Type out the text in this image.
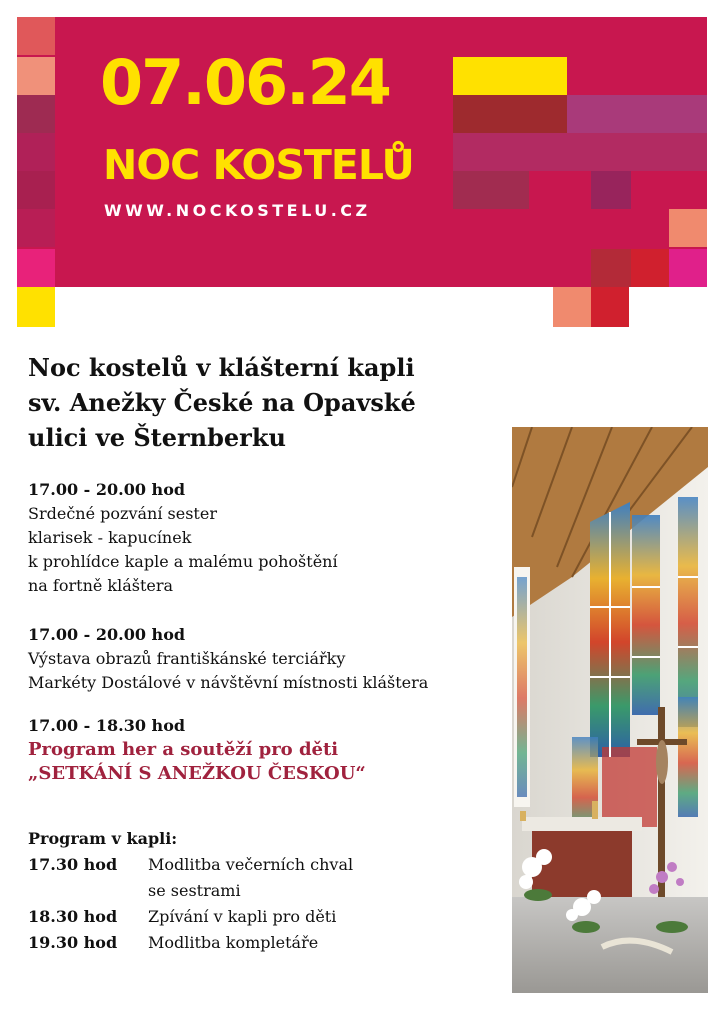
07.06.24
NOC KOSTELŮ
WWW.NOCKOSTELU.CZ
Noc kostelů v klášterní kapli
sv. Anežky České na Opavské
ulici ve Šternberku
17.00 - 20.00 hod
Srdečné pozvání sester
klarisek - kapucínek
k prohlídce kaple a malému pohoštění
na fortně kláštera
17.00 - 20.00 hod
Výstava obrazů františkánské terciářky
Markéty Dostálové v návštěvní místnosti kláštera
17.00 - 18.30 hod
Program her a soutěží pro děti
„SETKÁNÍ S ANEŽKOU ČESKOU“
Program v kapli:
17.30 hod	Modlitba večerních chval
se sestrami
18.30 hod	Zpívání v kapli pro děti
19.30 hod	Modlitba kompletáře
